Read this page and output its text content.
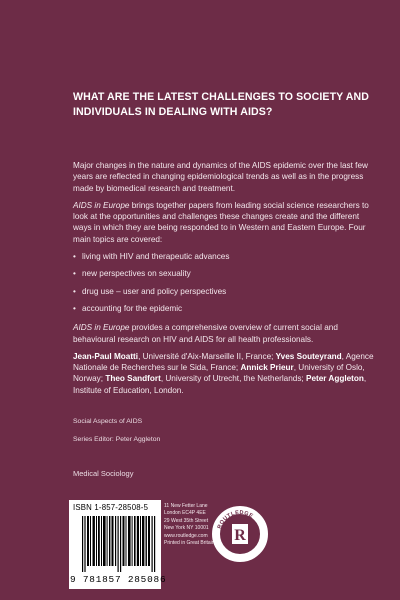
WHAT ARE THE LATEST CHALLENGES TO SOCIETY AND INDIVIDUALS IN DEALING WITH AIDS?

Major changes in the nature and dynamics of the AIDS epidemic over the last few years are reflected in changing epidemiological trends as well as in the progress made by biomedical research and treatment.

AIDS in Europe brings together papers from leading social science researchers to look at the opportunities and challenges these changes create and the different ways in which they are being responded to in Western and Eastern Europe. Four main topics are covered:

• living with HIV and therapeutic advances
• new perspectives on sexuality
• drug use – user and policy perspectives
• accounting for the epidemic

AIDS in Europe provides a comprehensive overview of current social and behavioural research on HIV and AIDS for all health professionals.

Jean-Paul Moatti, Université d'Aix-Marseille II, France; Yves Souteyrand, Agence Nationale de Recherches sur le Sida, France; Annick Prieur, University of Oslo, Norway; Theo Sandfort, University of Utrecht, the Netherlands; Peter Aggleton, Institute of Education, London.

Social Aspects of AIDS
Series Editor: Peter Aggleton
Medical Sociology
ISBN 1-857-28508-5
9 781857 285086
11 New Fetter Lane
London EC4P 4EE
29 West 35th Street
New York NY 10001
www.routledge.com
Printed in Great Britain
ROUTLEDGE
R
